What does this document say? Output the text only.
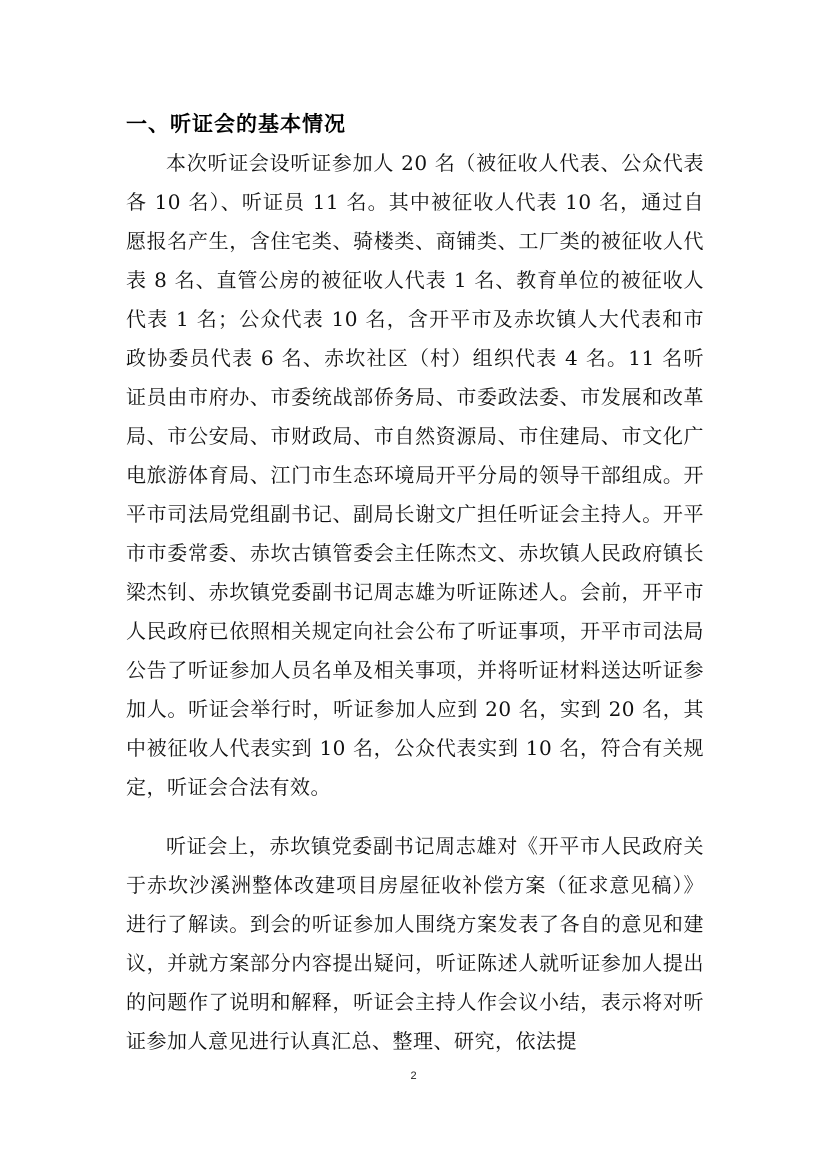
一、听证会的基本情况

本次听证会设听证参加人 20 名（被征收人代表、公众代表各 10 名）、听证员 11 名。其中被征收人代表 10 名，通过自愿报名产生，含住宅类、骑楼类、商铺类、工厂类的被征收人代表 8 名、直管公房的被征收人代表 1 名、教育单位的被征收人代表 1 名；公众代表 10 名，含开平市及赤坎镇人大代表和市政协委员代表 6 名、赤坎社区（村）组织代表 4 名。11 名听证员由市府办、市委统战部侨务局、市委政法委、市发展和改革局、市公安局、市财政局、市自然资源局、市住建局、市文化广电旅游体育局、江门市生态环境局开平分局的领导干部组成。开平市司法局党组副书记、副局长谢文广担任听证会主持人。开平市市委常委、赤坎古镇管委会主任陈杰文、赤坎镇人民政府镇长梁杰钊、赤坎镇党委副书记周志雄为听证陈述人。会前，开平市人民政府已依照相关规定向社会公布了听证事项，开平市司法局公告了听证参加人员名单及相关事项，并将听证材料送达听证参加人。听证会举行时，听证参加人应到 20 名，实到 20 名，其中被征收人代表实到 10 名，公众代表实到 10 名，符合有关规定，听证会合法有效。

听证会上，赤坎镇党委副书记周志雄对《开平市人民政府关于赤坎沙溪洲整体改建项目房屋征收补偿方案（征求意见稿）》进行了解读。到会的听证参加人围绕方案发表了各自的意见和建议，并就方案部分内容提出疑问，听证陈述人就听证参加人提出的问题作了说明和解释，听证会主持人作会议小结，表示将对听证参加人意见进行认真汇总、整理、研究，依法提

2
